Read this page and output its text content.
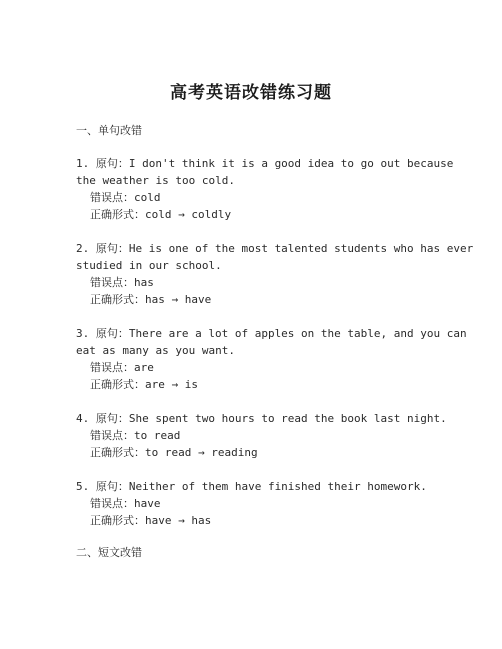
高考英语改错练习题
一、单句改错
1. 原句：I don't think it is a good idea to go out because
the weather is too cold.
错误点：cold
正确形式：cold → coldly
2. 原句：He is one of the most talented students who has ever
studied in our school.
错误点：has
正确形式：has → have
3. 原句：There are a lot of apples on the table, and you can
eat as many as you want.
错误点：are
正确形式：are → is
4. 原句：She spent two hours to read the book last night.
错误点：to read
正确形式：to read → reading
5. 原句：Neither of them have finished their homework.
错误点：have
正确形式：have → has
二、短文改错
